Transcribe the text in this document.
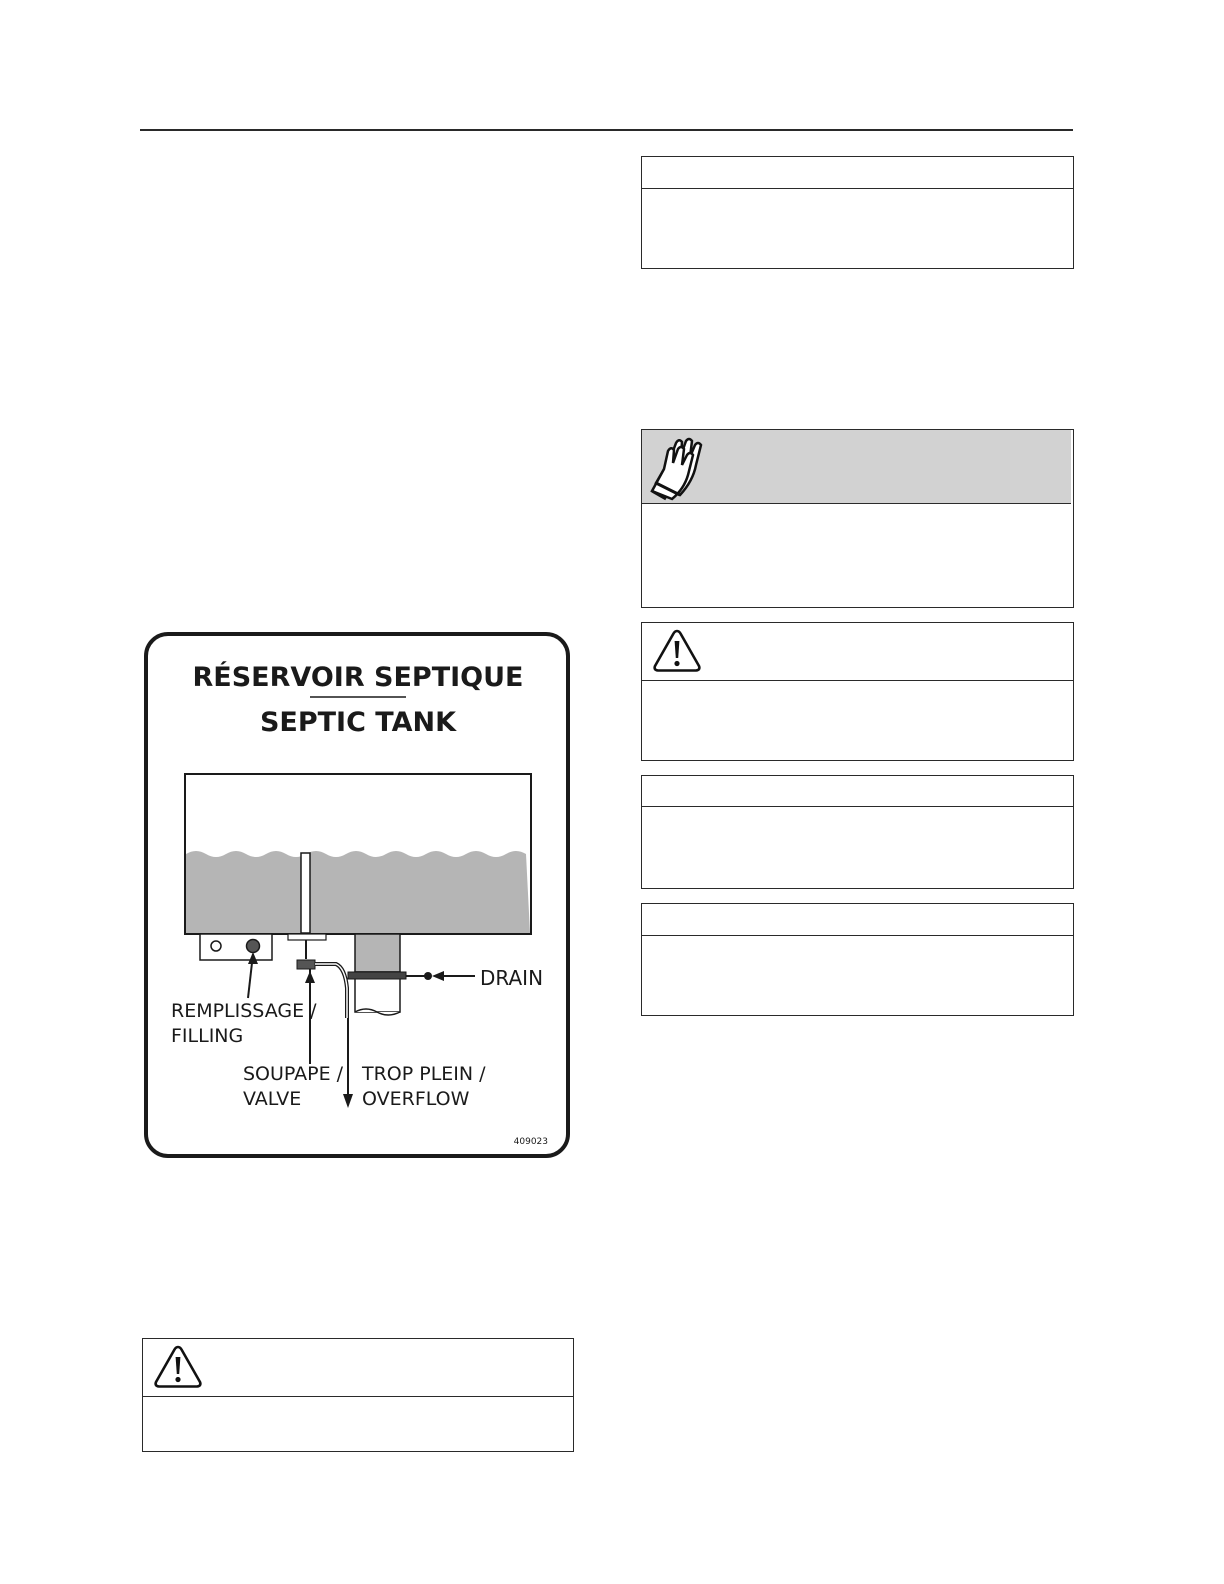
RÉSERVOIR SEPTIQUE
SEPTIC TANK
DRAIN
REMPLISSAGE /
FILLING
SOUPAPE /
VALVE
TROP PLEIN /
OVERFLOW
409023
